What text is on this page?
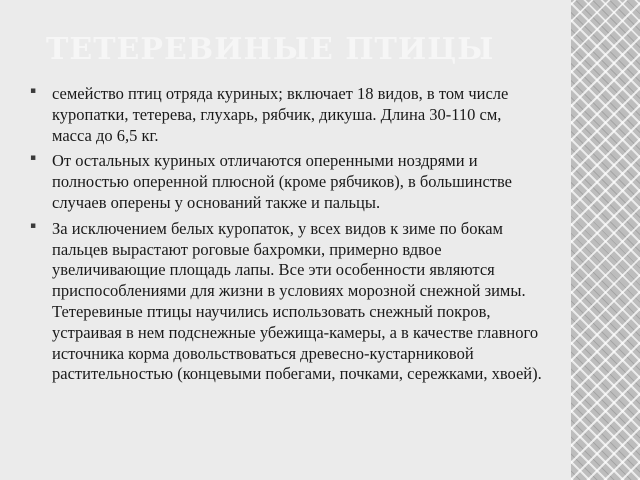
ТЕТЕРЕВИНЫЕ ПТИЦЫ
▪ семейство птиц отряда куриных; включает 18 видов, в том числе куропатки, тетерева, глухарь, рябчик, дикуша. Длина 30-110 см, масса до 6,5 кг.
▪ От остальных куриных отличаются оперенными ноздрями и полностью оперенной плюсной (кроме рябчиков), в большинстве случаев оперены у оснований также и пальцы.
▪ За исключением белых куропаток, у всех видов к зиме по бокам пальцев вырастают роговые бахромки, примерно вдвое увеличивающие площадь лапы. Все эти особенности являются приспособлениями для жизни в условиях морозной снежной зимы. Тетеревиные птицы научились использовать снежный покров, устраивая в нем подснежные убежища-камеры, а в качестве главного источника корма довольствоваться древесно-кустарниковой растительностью (концевыми побегами, почками, сережками, хвоей).
